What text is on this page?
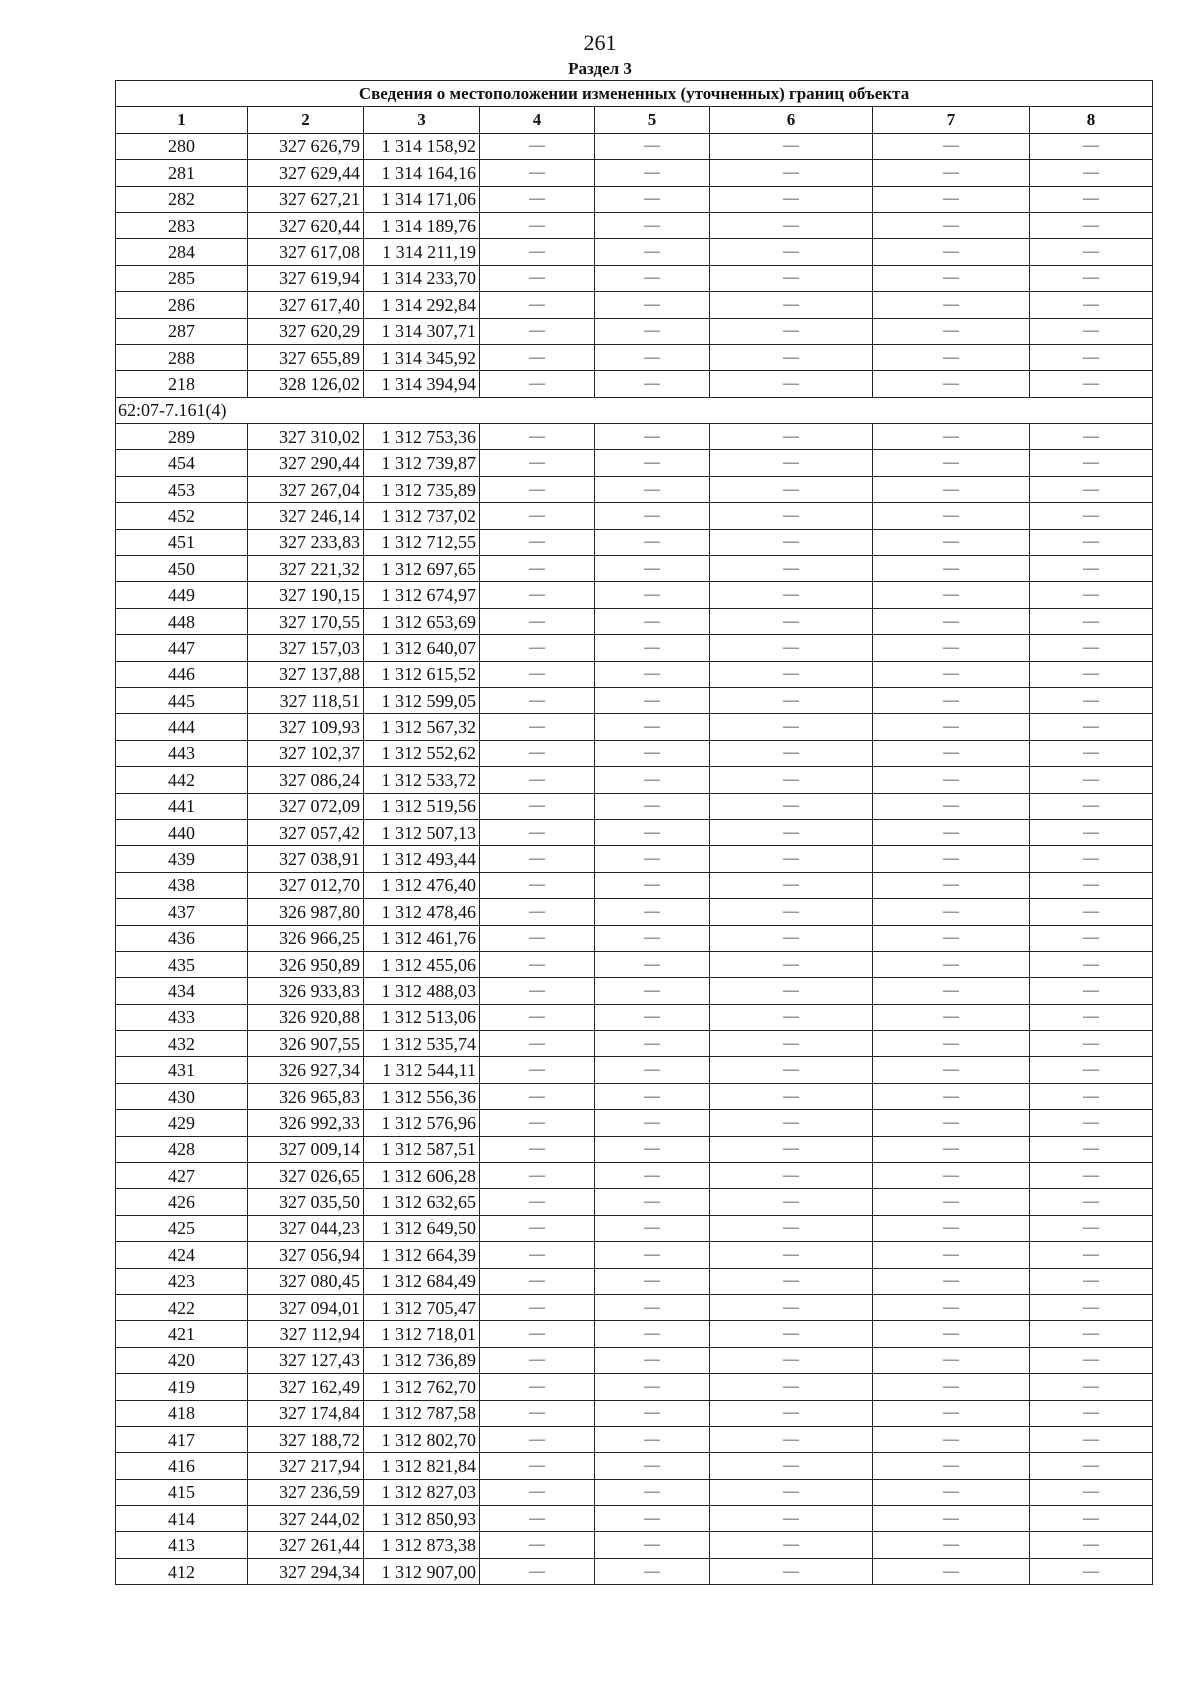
261
Раздел 3
Сведения о местоположении измененных (уточненных) границ объекта							
1	2	3	4	5	6	7	8
280	327 626,79	1 314 158,92	—	—	—	—	—
281	327 629,44	1 314 164,16	—	—	—	—	—
282	327 627,21	1 314 171,06	—	—	—	—	—
283	327 620,44	1 314 189,76	—	—	—	—	—
284	327 617,08	1 314 211,19	—	—	—	—	—
285	327 619,94	1 314 233,70	—	—	—	—	—
286	327 617,40	1 314 292,84	—	—	—	—	—
287	327 620,29	1 314 307,71	—	—	—	—	—
288	327 655,89	1 314 345,92	—	—	—	—	—
218	328 126,02	1 314 394,94	—	—	—	—	—
62:07-7.161(4)							
289	327 310,02	1 312 753,36	—	—	—	—	—
454	327 290,44	1 312 739,87	—	—	—	—	—
453	327 267,04	1 312 735,89	—	—	—	—	—
452	327 246,14	1 312 737,02	—	—	—	—	—
451	327 233,83	1 312 712,55	—	—	—	—	—
450	327 221,32	1 312 697,65	—	—	—	—	—
449	327 190,15	1 312 674,97	—	—	—	—	—
448	327 170,55	1 312 653,69	—	—	—	—	—
447	327 157,03	1 312 640,07	—	—	—	—	—
446	327 137,88	1 312 615,52	—	—	—	—	—
445	327 118,51	1 312 599,05	—	—	—	—	—
444	327 109,93	1 312 567,32	—	—	—	—	—
443	327 102,37	1 312 552,62	—	—	—	—	—
442	327 086,24	1 312 533,72	—	—	—	—	—
441	327 072,09	1 312 519,56	—	—	—	—	—
440	327 057,42	1 312 507,13	—	—	—	—	—
439	327 038,91	1 312 493,44	—	—	—	—	—
438	327 012,70	1 312 476,40	—	—	—	—	—
437	326 987,80	1 312 478,46	—	—	—	—	—
436	326 966,25	1 312 461,76	—	—	—	—	—
435	326 950,89	1 312 455,06	—	—	—	—	—
434	326 933,83	1 312 488,03	—	—	—	—	—
433	326 920,88	1 312 513,06	—	—	—	—	—
432	326 907,55	1 312 535,74	—	—	—	—	—
431	326 927,34	1 312 544,11	—	—	—	—	—
430	326 965,83	1 312 556,36	—	—	—	—	—
429	326 992,33	1 312 576,96	—	—	—	—	—
428	327 009,14	1 312 587,51	—	—	—	—	—
427	327 026,65	1 312 606,28	—	—	—	—	—
426	327 035,50	1 312 632,65	—	—	—	—	—
425	327 044,23	1 312 649,50	—	—	—	—	—
424	327 056,94	1 312 664,39	—	—	—	—	—
423	327 080,45	1 312 684,49	—	—	—	—	—
422	327 094,01	1 312 705,47	—	—	—	—	—
421	327 112,94	1 312 718,01	—	—	—	—	—
420	327 127,43	1 312 736,89	—	—	—	—	—
419	327 162,49	1 312 762,70	—	—	—	—	—
418	327 174,84	1 312 787,58	—	—	—	—	—
417	327 188,72	1 312 802,70	—	—	—	—	—
416	327 217,94	1 312 821,84	—	—	—	—	—
415	327 236,59	1 312 827,03	—	—	—	—	—
414	327 244,02	1 312 850,93	—	—	—	—	—
413	327 261,44	1 312 873,38	—	—	—	—	—
412	327 294,34	1 312 907,00	—	—	—	—	—
